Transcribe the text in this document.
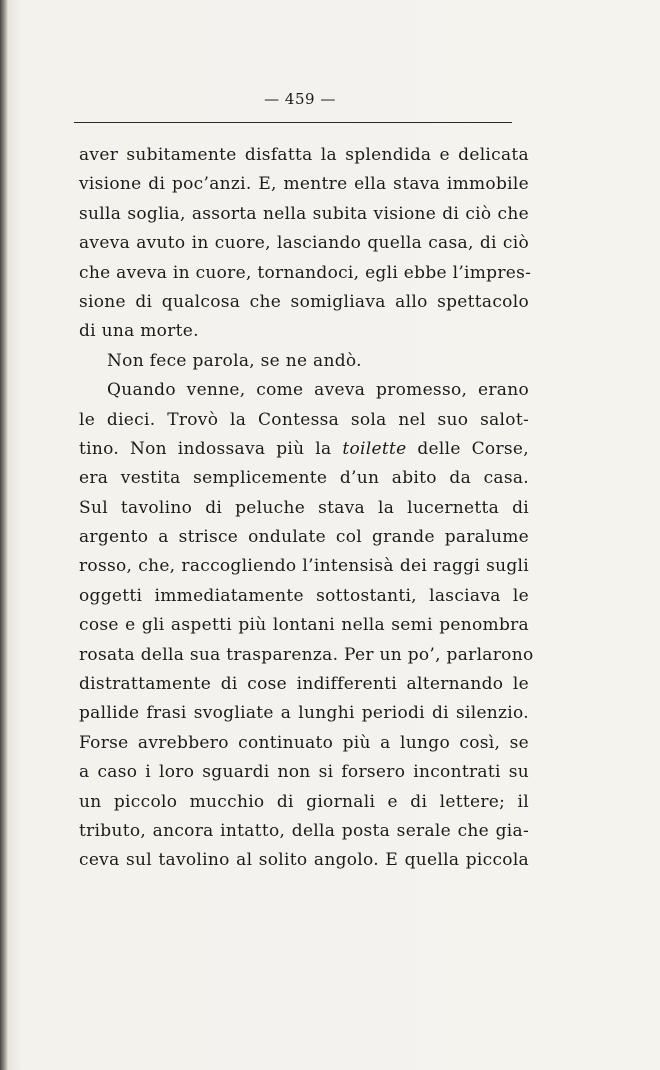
— 459 —
aver subitamente disfatta la splendida e delicata
visione di poc’anzi. E, mentre ella stava immobile
sulla soglia, assorta nella subita visione di ciò che
aveva avuto in cuore, lasciando quella casa, di ciò
che aveva in cuore, tornandoci, egli ebbe l’impres-
sione di qualcosa che somigliava allo spettacolo
di una morte.
Non fece parola, se ne andò.
Quando venne, come aveva promesso, erano
le dieci. Trovò la Contessa sola nel suo salot-
tino. Non indossava più la toilette delle Corse,
era vestita semplicemente d’un abito da casa.
Sul tavolino di peluche stava la lucernetta di
argento a strisce ondulate col grande paralume
rosso, che, raccogliendo l’intensisà dei raggi sugli
oggetti immediatamente sottostanti, lasciava le
cose e gli aspetti più lontani nella semi penombra
rosata della sua trasparenza. Per un po’, parlarono
distrattamente di cose indifferenti alternando le
pallide frasi svogliate a lunghi periodi di silenzio.
Forse avrebbero continuato più a lungo così, se
a caso i loro sguardi non si forsero incontrati su
un piccolo mucchio di giornali e di lettere; il
tributo, ancora intatto, della posta serale che gia-
ceva sul tavolino al solito angolo. E quella piccola
